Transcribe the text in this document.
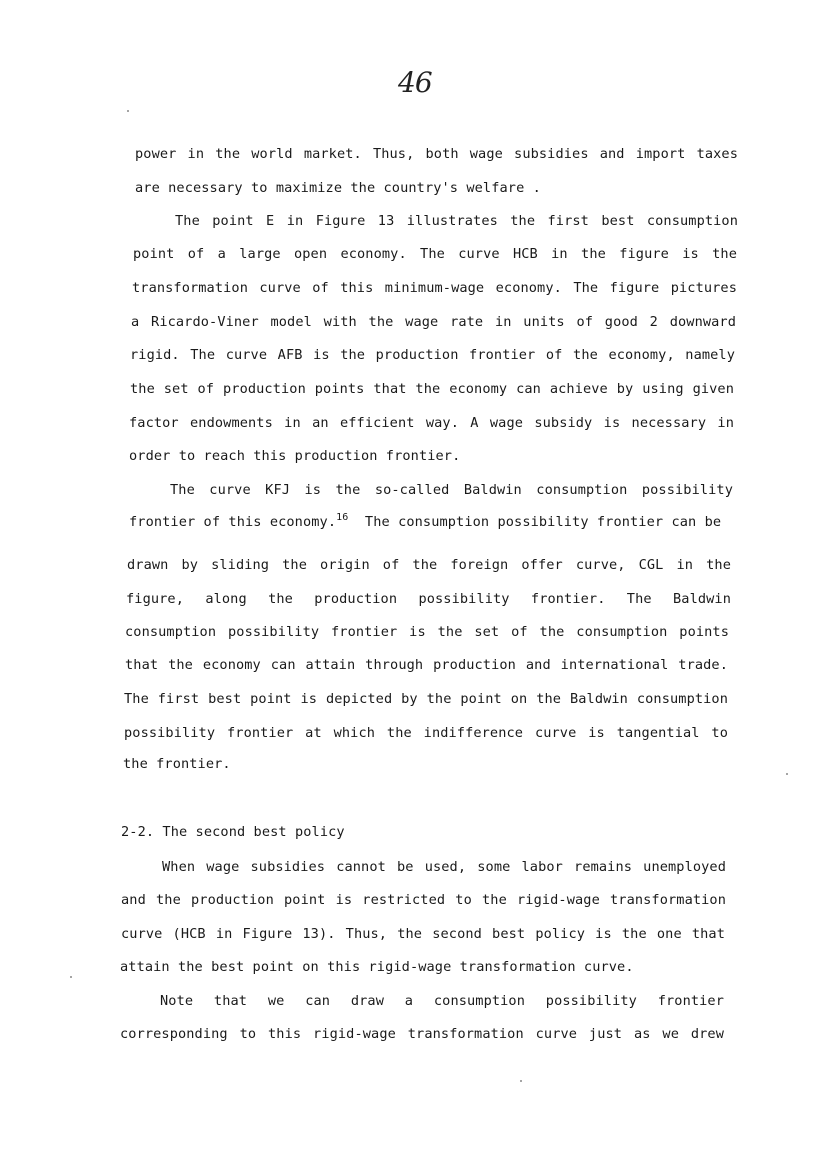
46
power in the world market. Thus, both wage subsidies and import taxes
are necessary to maximize the country's welfare .
The point E in Figure 13 illustrates the first best consumption
point of a large open economy. The curve HCB in the figure is the
transformation curve of this minimum-wage economy. The figure pictures
a Ricardo-Viner model with the wage rate in units of good 2 downward
rigid. The curve AFB is the production frontier of the economy, namely
the set of production points that the economy can achieve by using given
factor endowments in an efficient way. A wage subsidy is necessary in
order to reach this production frontier.
The curve KFJ is the so-called Baldwin consumption possibility
frontier of this economy.$^{16}$  The consumption possibility frontier can be
drawn by sliding the origin of the foreign offer curve, CGL in the
figure, along the production possibility frontier. The Baldwin
consumption possibility frontier is the set of the consumption points
that the economy can attain through production and international trade.
The first best point is depicted by the point on the Baldwin consumption
possibility frontier at which the indifference curve is tangential to
the frontier.
2-2. The second best policy
When wage subsidies cannot be used, some labor remains unemployed
and the production point is restricted to the rigid-wage transformation
curve (HCB in Figure 13). Thus, the second best policy is the one that
attain the best point on this rigid-wage transformation curve.
Note that we can draw a consumption possibility frontier
corresponding to this rigid-wage transformation curve just as we drew
